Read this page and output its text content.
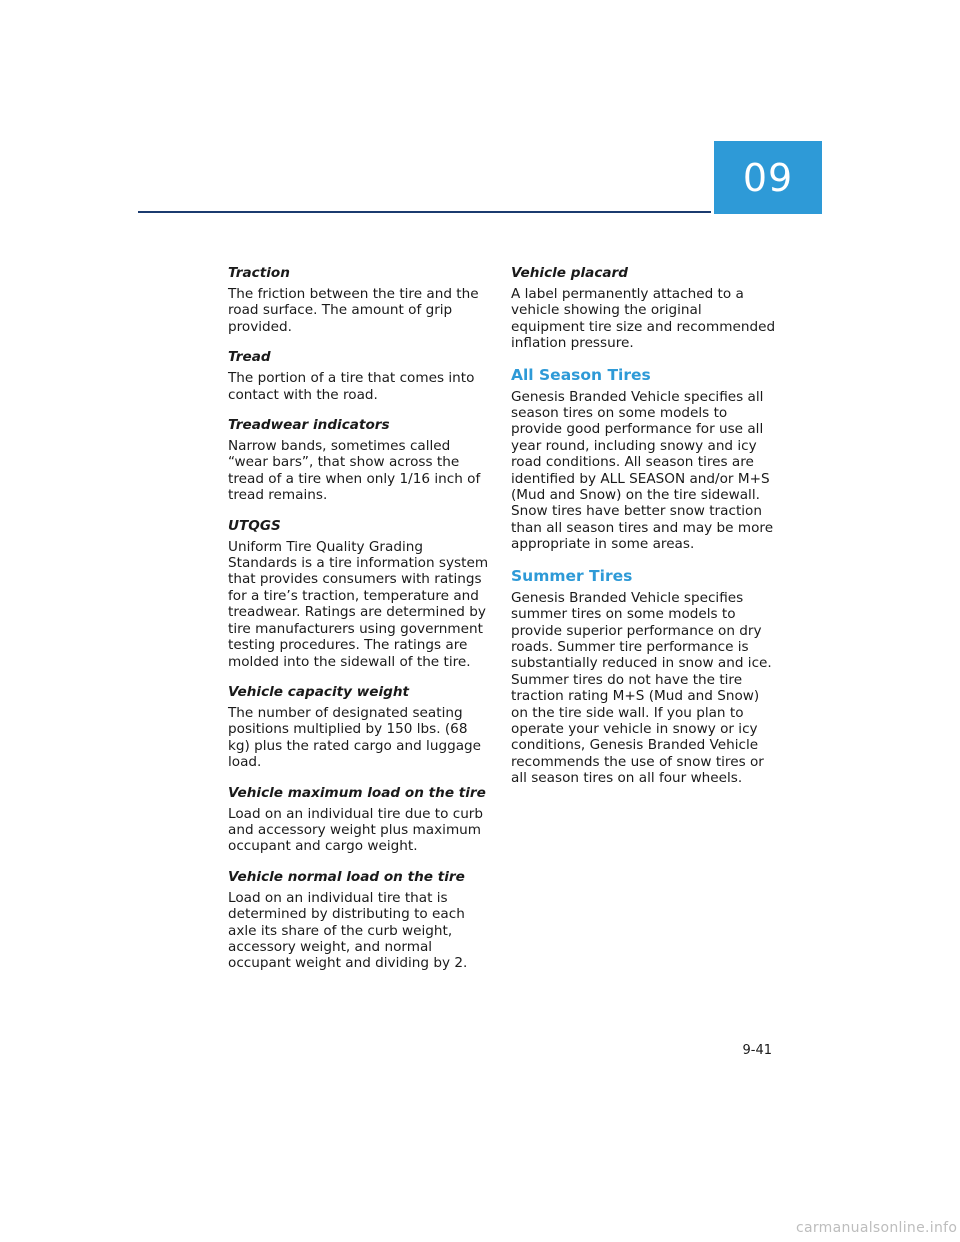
09
Traction
The friction between the tire and the road surface. The amount of grip provided.
Tread
The portion of a tire that comes into contact with the road.
Treadwear indicators
Narrow bands, sometimes called “wear bars”, that show across the tread of a tire when only 1/16 inch of tread remains.
UTQGS
Uniform Tire Quality Grading Standards is a tire information system that provides consumers with ratings for a tire’s traction, temperature and treadwear. Ratings are determined by tire manufacturers using government testing procedures. The ratings are molded into the sidewall of the tire.
Vehicle capacity weight
The number of designated seating positions multiplied by 150 lbs. (68 kg) plus the rated cargo and luggage load.
Vehicle maximum load on the tire
Load on an individual tire due to curb and accessory weight plus maximum occupant and cargo weight.
Vehicle normal load on the tire
Load on an individual tire that is determined by distributing to each axle its share of the curb weight, accessory weight, and normal occupant weight and dividing by 2.
Vehicle placard
A label permanently attached to a vehicle showing the original equipment tire size and recommended inflation pressure.
All Season Tires
Genesis Branded Vehicle specifies all season tires on some models to provide good performance for use all year round, including snowy and icy road conditions. All season tires are identified by ALL SEASON and/or M+S (Mud and Snow) on the tire sidewall. Snow tires have better snow traction than all season tires and may be more appropriate in some areas.
Summer Tires
Genesis Branded Vehicle specifies summer tires on some models to provide superior performance on dry roads. Summer tire performance is substantially reduced in snow and ice. Summer tires do not have the tire traction rating M+S (Mud and Snow) on the tire side wall. If you plan to operate your vehicle in snowy or icy conditions, Genesis Branded Vehicle recommends the use of snow tires or all season tires on all four wheels.
9-41
carmanualsonline.info
